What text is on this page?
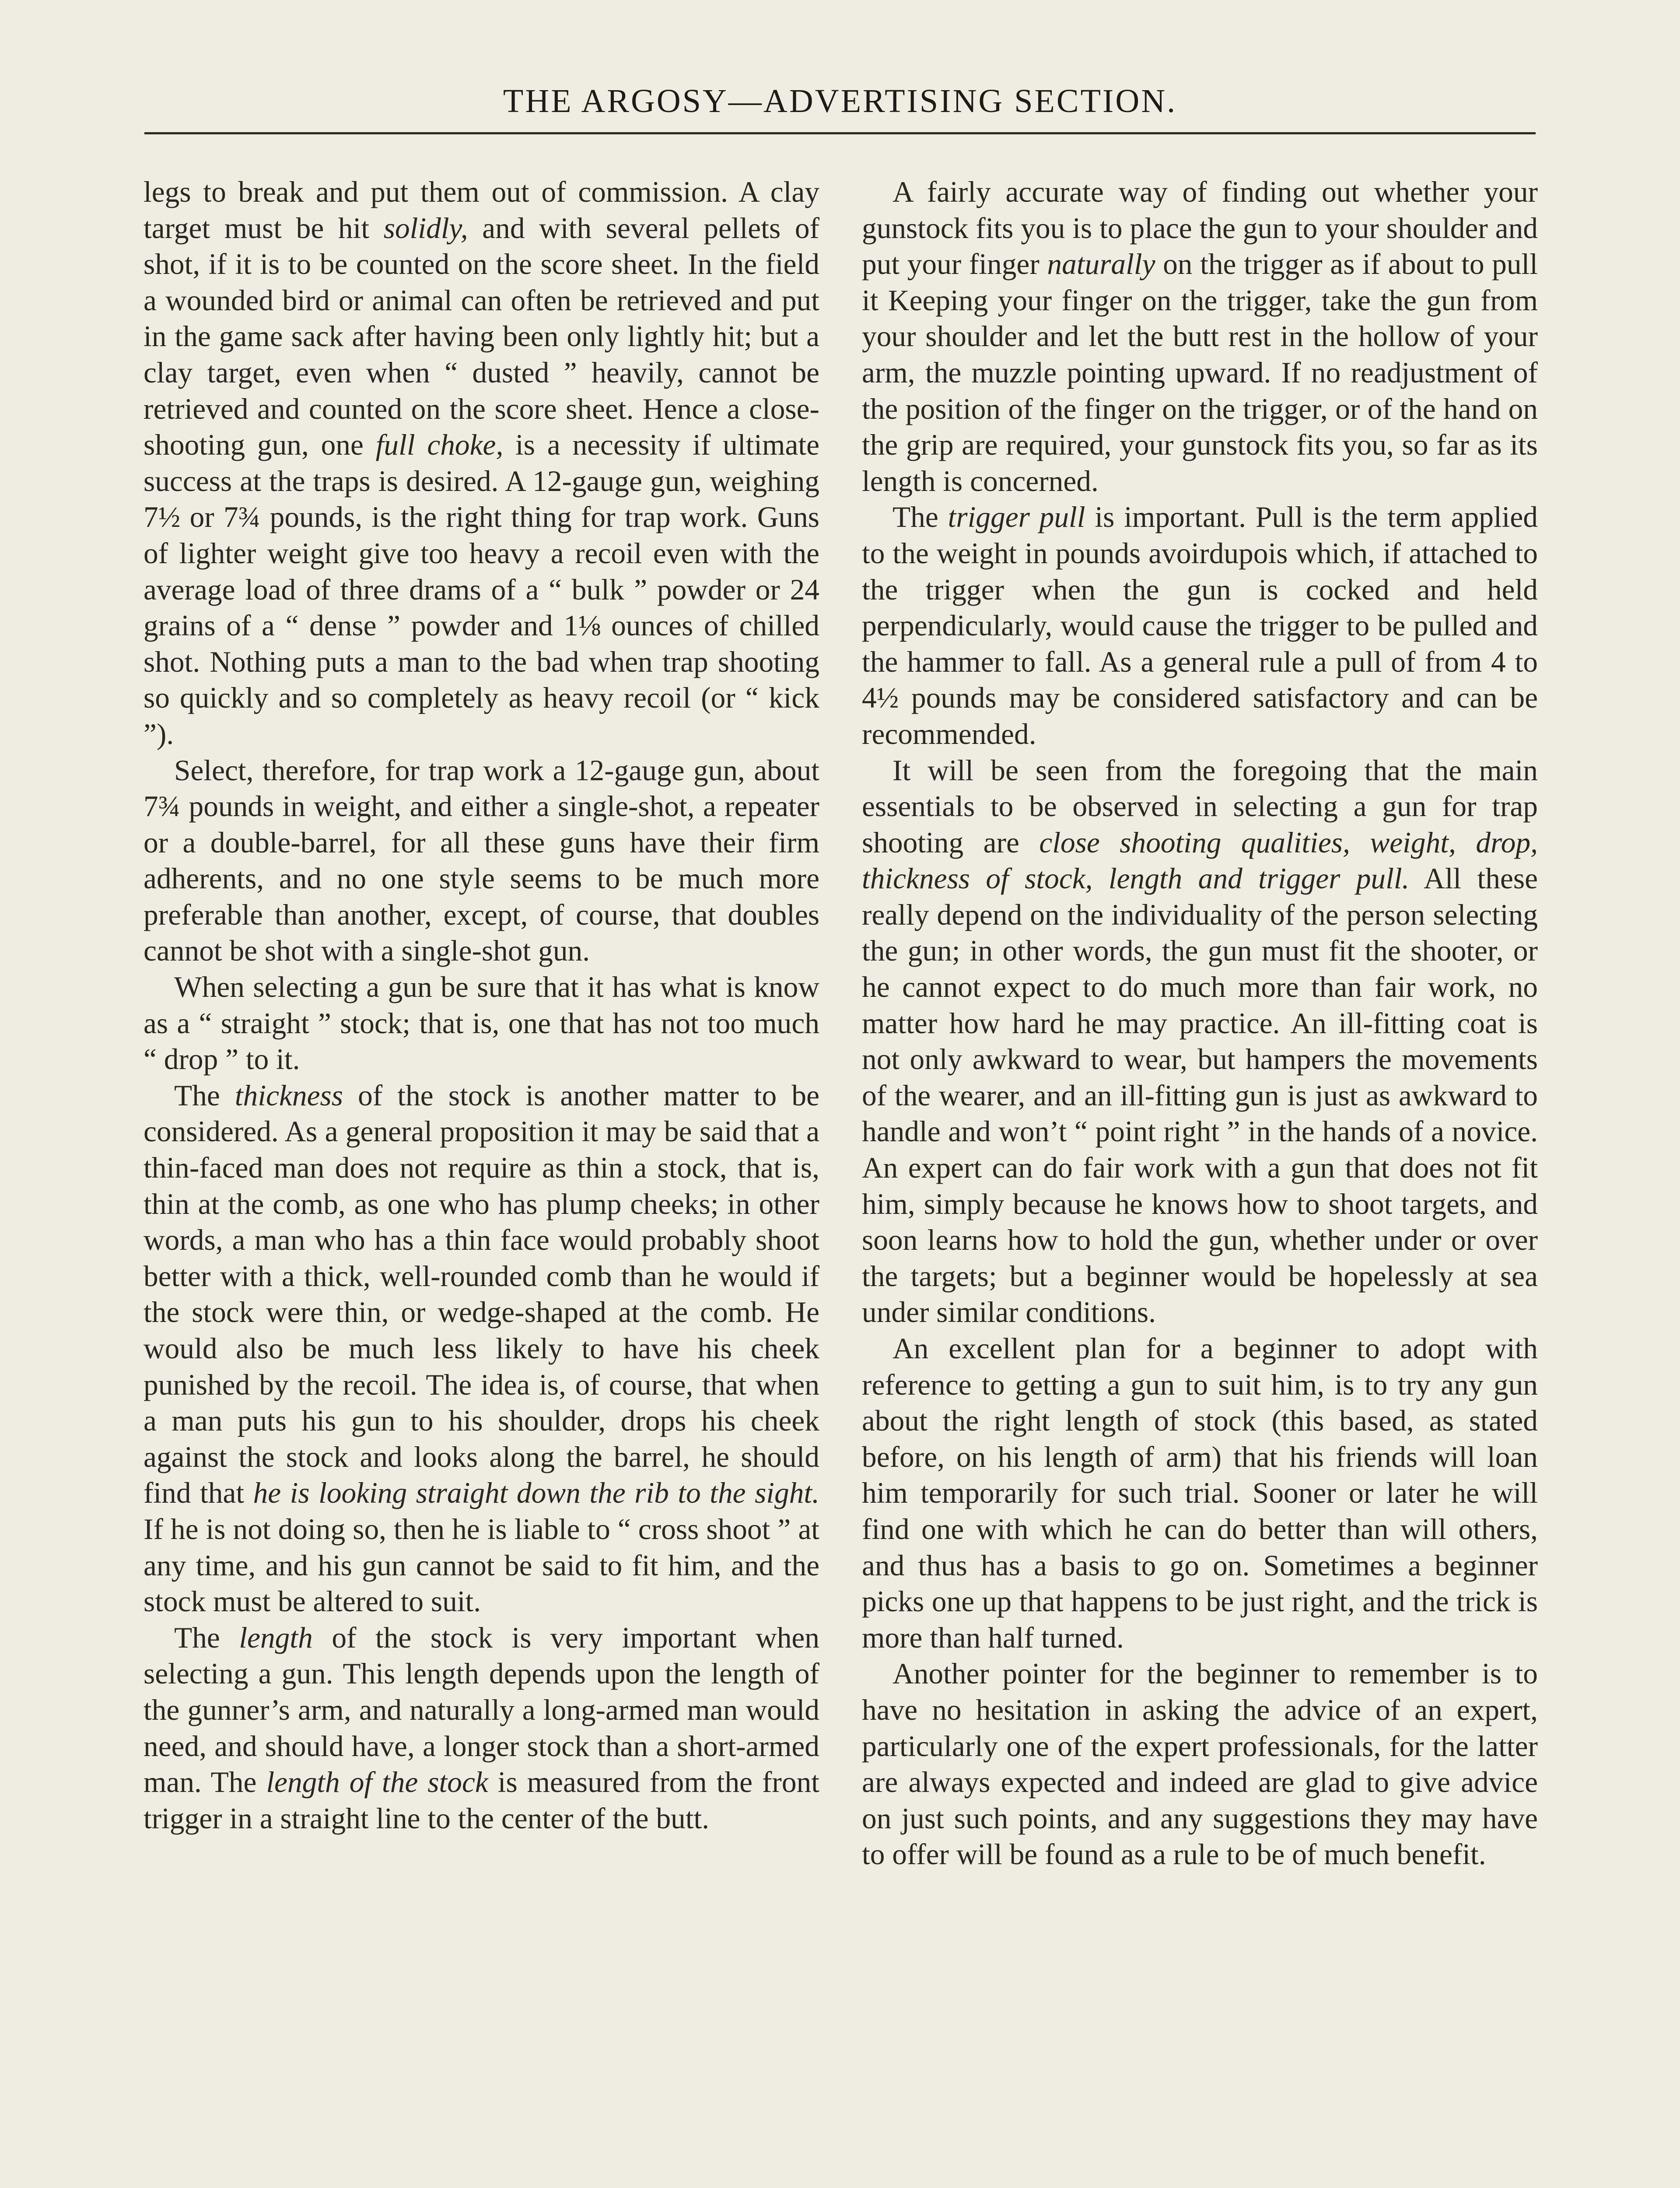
THE ARGOSY—ADVERTISING SECTION.

legs to break and put them out of commission. A clay target must be hit solidly, and with several pellets of shot, if it is to be counted on the score sheet. In the field a wounded bird or animal can often be retrieved and put in the game sack after having been only lightly hit; but a clay target, even when “ dusted ” heavily, cannot be retrieved and counted on the score sheet. Hence a close-shooting gun, one full choke, is a necessity if ultimate success at the traps is desired. A 12-gauge gun, weighing 7½ or 7¾ pounds, is the right thing for trap work. Guns of lighter weight give too heavy a recoil even with the average load of three drams of a “ bulk ” powder or 24 grains of a “ dense ” powder and 1⅛ ounces of chilled shot. Nothing puts a man to the bad when trap shooting so quickly and so completely as heavy recoil (or “ kick ”).

Select, therefore, for trap work a 12-gauge gun, about 7¾ pounds in weight, and either a single-shot, a repeater or a double-barrel, for all these guns have their firm adherents, and no one style seems to be much more preferable than another, except, of course, that doubles cannot be shot with a single-shot gun.

When selecting a gun be sure that it has what is know as a “ straight ” stock; that is, one that has not too much “ drop ” to it.

The thickness of the stock is another matter to be considered. As a general proposition it may be said that a thin-faced man does not require as thin a stock, that is, thin at the comb, as one who has plump cheeks; in other words, a man who has a thin face would probably shoot better with a thick, well-rounded comb than he would if the stock were thin, or wedge-shaped at the comb. He would also be much less likely to have his cheek punished by the recoil. The idea is, of course, that when a man puts his gun to his shoulder, drops his cheek against the stock and looks along the barrel, he should find that he is looking straight down the rib to the sight. If he is not doing so, then he is liable to “ cross shoot ” at any time, and his gun cannot be said to fit him, and the stock must be altered to suit.

The length of the stock is very important when selecting a gun. This length depends upon the length of the gunner’s arm, and naturally a long-armed man would need, and should have, a longer stock than a short-armed man. The length of the stock is measured from the front trigger in a straight line to the center of the butt.

A fairly accurate way of finding out whether your gunstock fits you is to place the gun to your shoulder and put your finger naturally on the trigger as if about to pull it Keeping your finger on the trigger, take the gun from your shoulder and let the butt rest in the hollow of your arm, the muzzle pointing upward. If no readjustment of the position of the finger on the trigger, or of the hand on the grip are required, your gunstock fits you, so far as its length is concerned.

The trigger pull is important. Pull is the term applied to the weight in pounds avoirdupois which, if attached to the trigger when the gun is cocked and held perpendicularly, would cause the trigger to be pulled and the hammer to fall. As a general rule a pull of from 4 to 4½ pounds may be considered satisfactory and can be recommended.

It will be seen from the foregoing that the main essentials to be observed in selecting a gun for trap shooting are close shooting qualities, weight, drop, thickness of stock, length and trigger pull. All these really depend on the individuality of the person selecting the gun; in other words, the gun must fit the shooter, or he cannot expect to do much more than fair work, no matter how hard he may practice. An ill-fitting coat is not only awkward to wear, but hampers the movements of the wearer, and an ill-fitting gun is just as awkward to handle and won’t “ point right ” in the hands of a novice. An expert can do fair work with a gun that does not fit him, simply because he knows how to shoot targets, and soon learns how to hold the gun, whether under or over the targets; but a beginner would be hopelessly at sea under similar conditions.

An excellent plan for a beginner to adopt with reference to getting a gun to suit him, is to try any gun about the right length of stock (this based, as stated before, on his length of arm) that his friends will loan him temporarily for such trial. Sooner or later he will find one with which he can do better than will others, and thus has a basis to go on. Sometimes a beginner picks one up that happens to be just right, and the trick is more than half turned.

Another pointer for the beginner to remember is to have no hesitation in asking the advice of an expert, particularly one of the expert professionals, for the latter are always expected and indeed are glad to give advice on just such points, and any suggestions they may have to offer will be found as a rule to be of much benefit.
